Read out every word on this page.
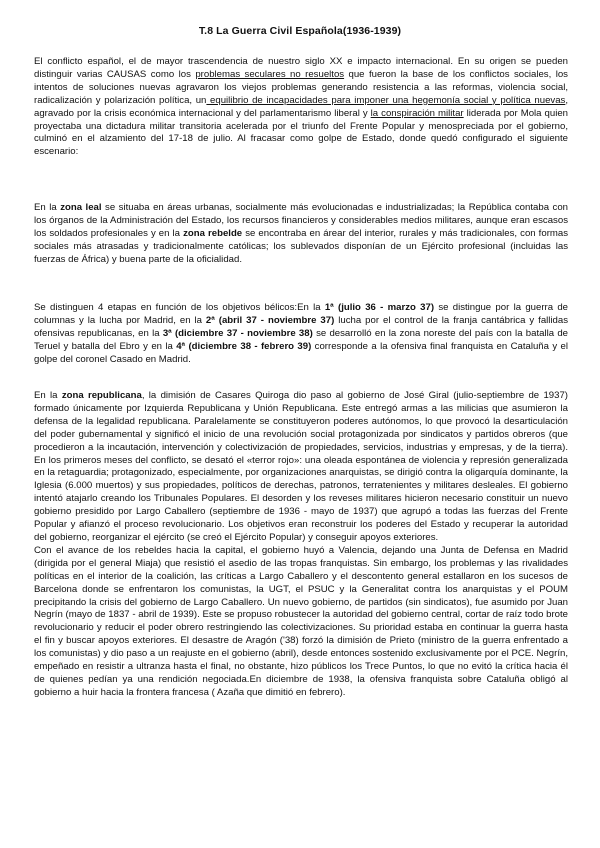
T.8 La Guerra Civil Española(1936-1939)
El conflicto español, el de mayor trascendencia de nuestro siglo XX e impacto internacional. En su origen se pueden distinguir varias CAUSAS como los problemas seculares no resueltos que fueron la base de los conflictos sociales, los intentos de soluciones nuevas agravaron los viejos problemas generando resistencia a las reformas, violencia social, radicalización y polarización política, un equilibrio de incapacidades para imponer una hegemonía social y política nuevas, agravado por la crisis económica internacional y del parlamentarismo liberal y la conspiración militar liderada por Mola quien proyectaba una dictadura militar transitoria acelerada por el triunfo del Frente Popular y menospreciada por el gobierno, culminó en el alzamiento del 17-18 de julio. Al fracasar como golpe de Estado, donde quedó configurado el siguiente escenario:
En la zona leal se situaba en áreas urbanas, socialmente más evolucionadas e industrializadas; la República contaba con los órganos de la Administración del Estado, los recursos financieros y considerables medios militares, aunque eran escasos los soldados profesionales y en la zona rebelde se encontraba en árear del interior, rurales y más tradicionales, con formas sociales más atrasadas y tradicionalmente católicas; los sublevados disponían de un Ejército profesional (incluidas las fuerzas de África) y buena parte de la oficialidad.
Se distinguen 4 etapas en función de los objetivos bélicos:En la 1ª (julio 36 - marzo 37) se distingue por la guerra de columnas y la lucha por Madrid, en la 2ª (abril 37 - noviembre 37) lucha por el control de la franja cantábrica y fallidas ofensivas republicanas, en la 3ª (diciembre 37 - noviembre 38) se desarrolló en la zona noreste del país con la batalla de Teruel y batalla del Ebro y en la 4ª (diciembre 38 - febrero 39) corresponde a la ofensiva final franquista en Cataluña y el golpe del coronel Casado en Madrid.
En la zona republicana, la dimisión de Casares Quiroga dio paso al gobierno de José Giral (julio-septiembre de 1937) formado únicamente por Izquierda Republicana y Unión Republicana. Este entregó armas a las milicias que asumieron la defensa de la legalidad republicana. Paralelamente se constituyeron poderes autónomos, lo que provocó la desarticulación del poder gubernamental y significó el inicio de una revolución social protagonizada por sindicatos y partidos obreros (que procedieron a la incautación, intervención y colectivización de propiedades, servicios, industrias y empresas, y de la tierra). En los primeros meses del conflicto, se desató el «terror rojo»: una oleada espontánea de violencia y represión generalizada en la retaguardia; protagonizado, especialmente, por organizaciones anarquistas, se dirigió contra la oligarquía dominante, la Iglesia (6.000 muertos) y sus propiedades, políticos de derechas, patronos, terratenientes y militares desleales. El gobierno intentó atajarlo creando los Tribunales Populares. El desorden y los reveses militares hicieron necesario constituir un nuevo gobierno presidido por Largo Caballero (septiembre de 1936 - mayo de 1937) que agrupó a todas las fuerzas del Frente Popular y afianzó el proceso revolucionario. Los objetivos eran reconstruir los poderes del Estado y recuperar la autoridad del gobierno, reorganizar el ejército (se creó el Ejército Popular) y conseguir apoyos exteriores.
Con el avance de los rebeldes hacia la capital, el gobierno huyó a Valencia, dejando una Junta de Defensa en Madrid (dirigida por el general Miaja) que resistió el asedio de las tropas franquistas. Sin embargo, los problemas y las rivalidades políticas en el interior de la coalición, las críticas a Largo Caballero y el descontento general estallaron en los sucesos de Barcelona donde se enfrentaron los comunistas, la UGT, el PSUC y la Generalitat contra los anarquistas y el POUM precipitando la crisis del gobierno de Largo Caballero. Un nuevo gobierno, de partidos (sin sindicatos), fue asumido por Juan Negrín (mayo de 1837 - abril de 1939). Este se propuso robustecer la autoridad del gobierno central, cortar de raíz todo brote revolucionario y reducir el poder obrero restringiendo las colectivizaciones. Su prioridad estaba en continuar la guerra hasta el fin y buscar apoyos exteriores. El desastre de Aragón ('38) forzó la dimisión de Prieto (ministro de la guerra enfrentado a los comunistas) y dio paso a un reajuste en el gobierno (abril), desde entonces sostenido exclusivamente por el PCE. Negrín, empeñado en resistir a ultranza hasta el final, no obstante, hizo públicos los Trece Puntos, lo que no evitó la crítica hacia él de quienes pedían ya una rendición negociada.En diciembre de 1938, la ofensiva franquista sobre Cataluña obligó al gobierno a huir hacia la frontera francesa ( Azaña que dimitió en febrero).
